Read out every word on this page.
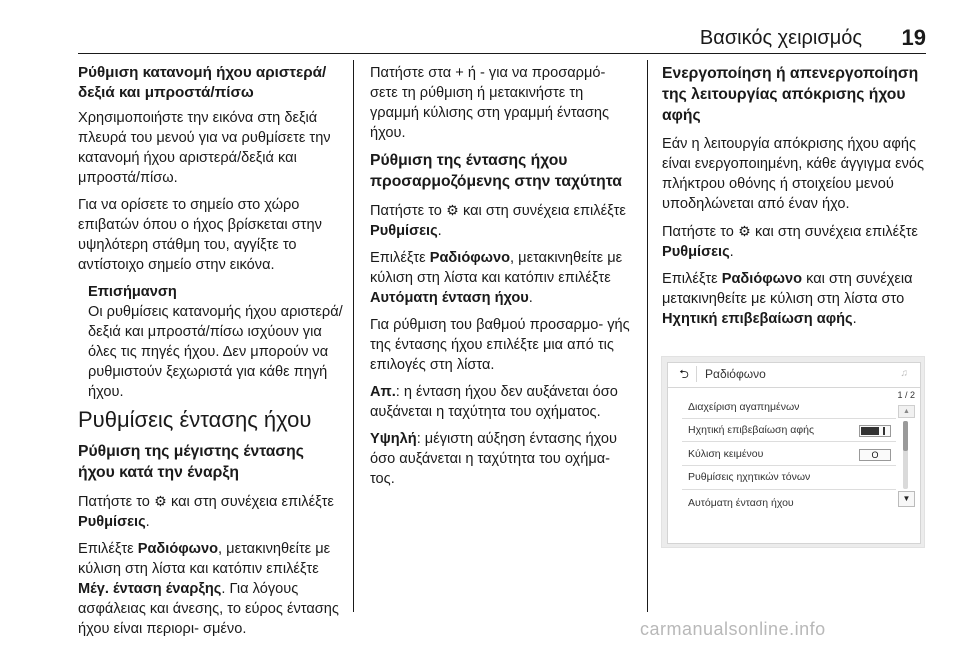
Βασικός χειρισμός 19
Ρύθμιση κατανομή ήχου αριστερά/ δεξιά και μπροστά/πίσω

Χρησιμοποιήστε την εικόνα στη δεξιά πλευρά του μενού για να ρυθμίσετε την κατανομή ήχου αριστερά/δεξιά και μπροστά/πίσω.

Για να ορίσετε το σημείο στο χώρο επιβατών όπου ο ήχος βρίσκεται στην υψηλότερη στάθμη του, αγγίξτε το αντίστοιχο σημείο στην εικόνα.

Επισήμανση

Οι ρυθμίσεις κατανομής ήχου αριστερά/δεξιά και μπροστά/πίσω ισχύουν για όλες τις πηγές ήχου. Δεν μπορούν να ρυθμιστούν ξεχωριστά για κάθε πηγή ήχου.

Ρυθμίσεις έντασης ήχου
Ρύθμιση της μέγιστης έντασης ήχου κατά την έναρξη

Πατήστε το ⚙ και στη συνέχεια επιλέξτε Ρυθμίσεις.

Επιλέξτε Ραδιόφωνο, μετακινηθείτε με κύλιση στη λίστα και κατόπιν επιλέξτε Μέγ. ένταση έναρξης. Για λόγους ασφάλειας και άνεσης, το εύρος έντασης ήχου είναι περιορι- σμένο.

Πατήστε στα + ή - για να προσαρμό- σετε τη ρύθμιση ή μετακινήστε τη γραμμή κύλισης στη γραμμή έντασης ήχου.

Ρύθμιση της έντασης ήχου προσαρμοζόμενης στην ταχύτητα

Πατήστε το ⚙ και στη συνέχεια επιλέξτε Ρυθμίσεις.

Επιλέξτε Ραδιόφωνο, μετακινηθείτε με κύλιση στη λίστα και κατόπιν επιλέξτε Αυτόματη ένταση ήχου.

Για ρύθμιση του βαθμού προσαρμο- γής της έντασης ήχου επιλέξτε μια από τις επιλογές στη λίστα.

Απ.: η ένταση ήχου δεν αυξάνεται όσο αυξάνεται η ταχύτητα του οχήματος.

Υψηλή: μέγιστη αύξηση έντασης ήχου όσο αυξάνεται η ταχύτητα του οχήμα- τος.

Ενεργοποίηση ή απενεργοποίηση της λειτουργίας απόκρισης ήχου αφής

Εάν η λειτουργία απόκρισης ήχου αφής είναι ενεργοποιημένη, κάθε άγγιγμα ενός πλήκτρου οθόνης ή στοιχείου μενού υποδηλώνεται από έναν ήχο.

Πατήστε το ⚙ και στη συνέχεια επιλέξτε Ρυθμίσεις.

Επιλέξτε Ραδιόφωνο και στη συνέχεια μετακινηθείτε με κύλιση στη λίστα στο Ηχητική επιβεβαίωση αφής.

⮌	Ραδιόφωνο	♫
1 / 2
▲
▼
Διαχείριση αγαπημένων
Ηχητική επιβεβαίωση αφής
Κύλιση κειμένου	O
Ρυθμίσεις ηχητικών τόνων
Αυτόματη ένταση ήχου
carmanualsonline.info
